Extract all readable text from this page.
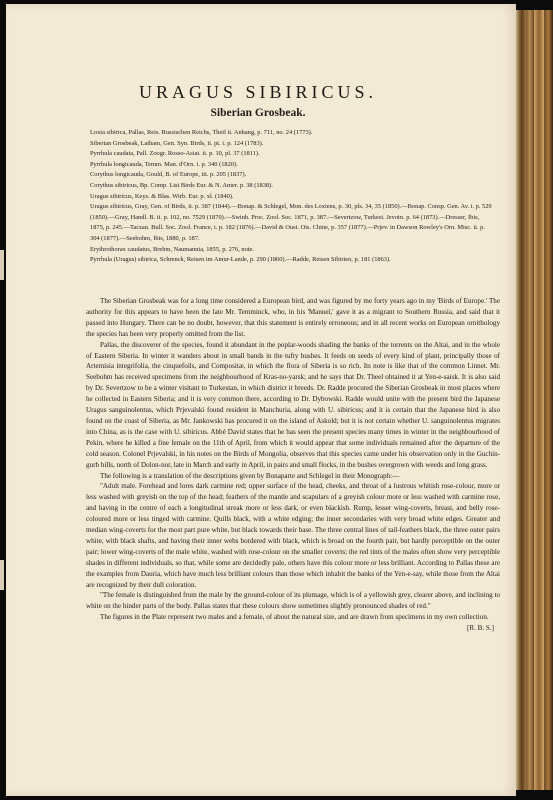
URAGUS SIBIRICUS.
Siberian Grosbeak.
Loxia sibirica, Pallas, Reis. Russischen Reichs, Theil ii. Anhang, p. 711, no. 24 (1773).
Siberian Grosbeak, Latham, Gen. Syn. Birds, ii. pt. i. p. 124 (1783).
Pyrrhula caudata, Pall. Zoogr. Rosso-Asiat. ii. p. 10, pl. 37 (1811).
Pyrrhula longicauda, Temm. Man. d'Orn. i. p. 340 (1820).
Corythus longicauda, Gould, B. of Europe, iii. p. 205 (1837).
Corythus sibiricus, Bp. Comp. List Birds Eur. & N. Amer. p. 38 (1838).
Uragus sibiricus, Keys. & Blas. Wirb. Eur. p. xl. (1840).
Uragus sibiricus, Gray, Gen. of Birds, ii. p. 387 (1844).—Bonap. & Schlegel, Mon. des Loxiens, p. 30, pls. 34, 35 (1850).—Bonap. Consp. Gen. Av. i. p. 529 (1850).—Gray, Handl. B. ii. p. 102, no. 7529 (1870).—Swinh. Proc. Zool. Soc. 1871, p. 387.—Severtzow, Turkest. Jevotn. p. 64 (1873).—Dresser, Ibis, 1875, p. 245.—Taczan. Bull. Soc. Zool. France, i. p. 182 (1876).—David & Oust. Ois. Chine, p. 357 (1877).—Prjev. in Dawson Rowley's Orn. Misc. ii. p. 304 (1877).—Seebohm, Ibis, 1880, p. 187.
Erythrothorax caudatus, Brehm, Naumannia, 1855, p. 276, note.
Pyrrhula (Uragus) sibirica, Schrenck, Reisen im Amur-Lande, p. 290 (1860).—Radde, Reisen Sibirien, p. 181 (1863).

The Siberian Grosbeak was for a long time considered a European bird, and was figured by me forty years ago in my 'Birds of Europe.' The authority for this appears to have been the late Mr. Temminck, who, in his 'Manuel,' gave it as a migrant to Southern Russia, and said that it passed into Hungary. There can be no doubt, however, that this statement is entirely erroneous; and in all recent works on European ornithology the species has been very properly omitted from the list.

Pallas, the discoverer of the species, found it abundant in the poplar-woods shading the banks of the torrents on the Altai, and in the whole of Eastern Siberia. In winter it wanders about in small bands in the tufty bushes. It feeds on seeds of every kind of plant, principally those of Artemisia integrifolia, the cinquefoils, and Compositæ, in which the flora of Siberia is so rich. Its note is like that of the common Linnet. Mr. Seebohm has received specimens from the neighbourhood of Kras-no-yarsk; and he says that Dr. Theel obtained it at Yen-e-saisk. It is also said by Dr. Severtzow to be a winter visitant to Turkestan, in which district it breeds. Dr. Radde procured the Siberian Grosbeak in most places where he collected in Eastern Siberia; and it is very common there, according to Dr. Dybowski. Radde would unite with the present bird the Japanese Uragus sanguinolentus, which Prjevalski found resident in Manchuria, along with U. sibiricus; and it is certain that the Japanese bird is also found on the coast of Siberia, as Mr. Jankowski has procured it on the island of Askold; but it is not certain whether U. sanguinolentus migrates into China, as is the case with U. sibiricus. Abbé David states that he has seen the present species many times in winter in the neighbourhood of Pekin, where he killed a fine female on the 11th of April, from which it would appear that some individuals remained after the departure of the cold season. Colonel Prjevalski, in his notes on the Birds of Mongolia, observes that this species came under his observation only in the Guchin-gurb hills, north of Dolon-nor, late in March and early in April, in pairs and small flocks, in the bushes overgrown with weeds and long grass.

The following is a translation of the descriptions given by Bonaparte and Schlegel in their Monograph:—

"Adult male. Forehead and lores dark carmine red; upper surface of the head, cheeks, and throat of a lustrous whitish rose-colour, more or less washed with greyish on the top of the head; feathers of the mantle and scapulars of a greyish colour more or less washed with carmine rose, and having in the centre of each a longitudinal streak more or less dark, or even blackish. Rump, lesser wing-coverts, breast, and belly rose-coloured more or less tinged with carmine. Quills black, with a white edging; the inner secondaries with very broad white edges. Greater and median wing-coverts for the most part pure white, but black towards their base. The three central lines of tail-feathers black, the three outer pairs white, with black shafts, and having their inner webs bordered with black, which is broad on the fourth pair, but hardly perceptible on the outer pair; lower wing-coverts of the male white, washed with rose-colour on the smaller coverts; the red tints of the males often show very perceptible shades in different individuals, so that, while some are decidedly pale, others have this colour more or less brilliant. According to Pallas these are the examples from Dauria, which have much less brilliant colours than those which inhabit the banks of the Yen-e-say, while those from the Altai are recognized by their dull coloration.

"The female is distinguished from the male by the ground-colour of its plumage, which is of a yellowish grey, clearer above, and inclining to white on the hinder parts of the body. Pallas states that these colours show sometimes slightly pronounced shades of red."

The figures in the Plate represent two males and a female, of about the natural size, and are drawn from specimens in my own collection.

[R. B. S.]
